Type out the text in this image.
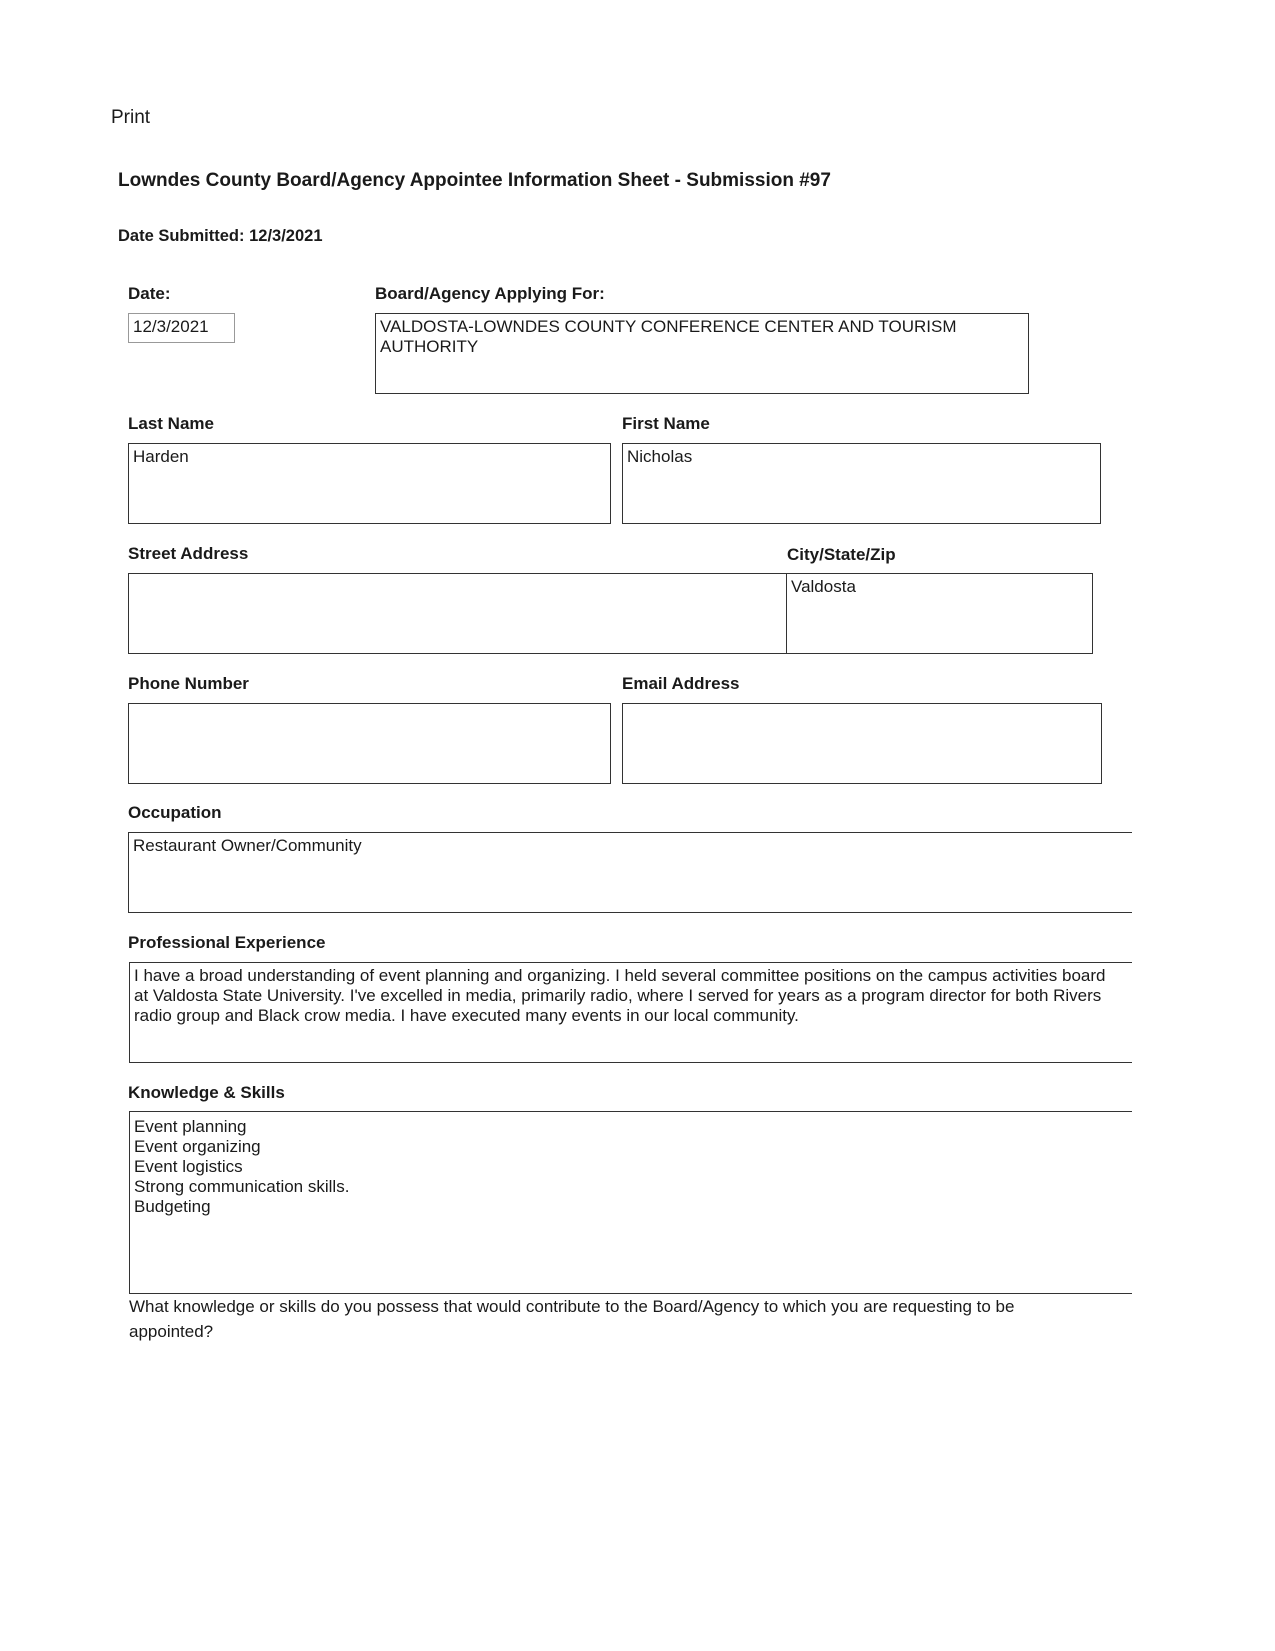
Print
Lowndes County Board/Agency Appointee Information Sheet - Submission #97
Date Submitted: 12/3/2021
Date:
12/3/2021
Board/Agency Applying For:
VALDOSTA-LOWNDES COUNTY CONFERENCE CENTER AND TOURISM AUTHORITY
Last Name
Harden
First Name
Nicholas
Street Address	City/State/Zip
Valdosta
Phone Number	Email Address
Occupation
Restaurant Owner/Community
Professional Experience
I have a broad understanding of event planning and organizing. I held several committee positions on the campus activities board at Valdosta State University. I've excelled in media, primarily radio, where I served for years as a program director for both Rivers radio group and Black crow media. I have executed many events in our local community.
Knowledge & Skills
Event planning
Event organizing
Event logistics
Strong communication skills.
Budgeting
What knowledge or skills do you possess that would contribute to the Board/Agency to which you are requesting to be appointed?
